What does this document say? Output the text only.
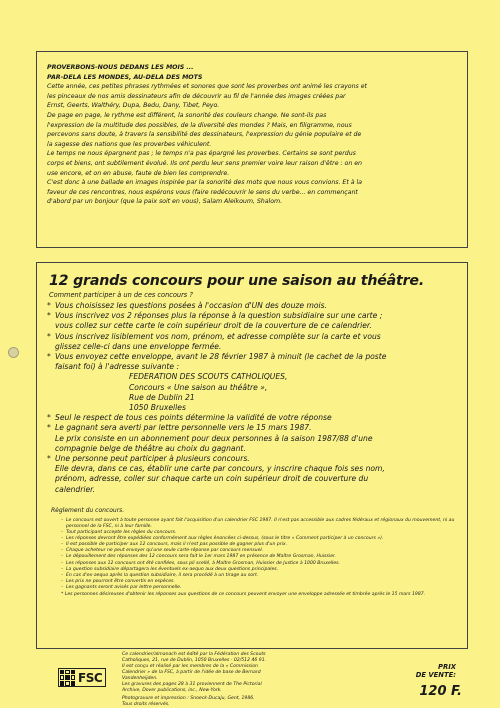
PROVERBONS-NOUS DEDANS LES MOIS ...

PAR-DELA LES MONDES, AU-DELA DES MOTS

Cette année, ces petites phrases rythmées et sonores que sont les proverbes ont animé les crayons et

les pinceaux de nos amis dessinateurs afin de découvrir au fil de l'année des images créées par

Ernst, Geerts, Walthéry, Dupa, Bedu, Dany, Tibet, Peyo.

De page en page, le rythme est différent, la sonorité des couleurs change. Ne sont-ils pas

l'expression de la multitude des possibles, de la diversité des mondes ? Mais, en filigramme, nous

percevons sans doute, à travers la sensibilité des dessinateurs, l'expression du génie populaire et de

la sagesse des nations que les proverbes véhiculent.

Le temps ne nous épargnent pas ; le temps n'a pas épargné les proverbes. Certains se sont perdus

corps et biens, ont subtilement évolué. Ils ont perdu leur sens premier voire leur raison d'être : on en

use encore, et on en abuse, faute de bien les comprendre.

C'est donc à une ballade en images inspirée par la sonorité des mots que nous vous convions. Et à la

faveur de ces rencontres, nous espérons vous (faire redécouvrir le sens du verbe... en commençant

d'abord par un bonjour (que la paix soit en vous), Salam Aleikoum, Shalom.

12 grands concours pour une saison au théâtre.
Comment participer à un de ces concours ?

* Vous choisissez les questions posées à l'occasion d'UN des douze mois.

* Vous inscrivez vos 2 réponses plus la réponse à la question subsidiaire sur une carte ;

vous collez sur cette carte le coin supérieur droit de la couverture de ce calendrier.

* Vous inscrivez lisiblement vos nom, prénom, et adresse complète sur la carte et vous

glissez celle-ci dans une enveloppe fermée.

* Vous envoyez cette enveloppe, avant le 28 février 1987 à minuit (le cachet de la poste

faisant foi) à l'adresse suivante :

FEDERATION DES SCOUTS CATHOLIQUES,

Concours « Une saison au théâtre »,

Rue de Dublin 21

1050 Bruxelles

* Seul le respect de tous ces points détermine la validité de votre réponse

* Le gagnant sera averti par lettre personnelle vers le 15 mars 1987.

Le prix consiste en un abonnement pour deux personnes à la saison 1987/88 d'une

compagnie belge de théâtre au choix du gagnant.

* Une personne peut participer à plusieurs concours.

Elle devra, dans ce cas, établir une carte par concours, y inscrire chaque fois ses nom,

prénom, adresse, coller sur chaque carte un coin supérieur droit de couverture du

calendrier.

Règlement du concours.

– Le concours est ouvert à toute personne ayant fait l'acquisition d'un calendrier FSC 1987. Il n'est pas accessible aux cadres fédéraux et régionaux du mouvement, ni au personnel de la FSC, ni à leur famille.

– Tout participant accepte les règles du concours.

– Les réponses devront être expédiées conformément aux règles énoncées ci-dessus, (sous le titre « Comment participer à un concours »).

– Il est possible de participer aux 12 concours, mais il n'est pas possible de gagner plus d'un prix.

– Chaque acheteur ne peut envoyer qu'une seule carte-réponse par concours mensuel.

– Le dépouillement des réponses des 12 concours sera fait le 1er mars 1987 en présence de Maître Grosman, Huissier.

– Les réponses aux 12 concours ont été confiées, sous pli scellé, à Maître Grosman, Huissier de Justice à 1000 Bruxelles.

– La question subsidiaire départagera les éventuels ex-aequo aux deux questions principales.

– En cas d'ex-aequo après la question subsidiaire, il sera procédé à un tirage au sort.

– Les prix ne pourront être convertis en espèces.

– Les gagnants seront avisés par lettre personnelle.

* Les personnes désireuses d'obtenir les réponses aux questions de ce concours peuvent envoyer une enveloppe adressée et timbrée après le 15 mars 1987.

FSC

Ce calendrier/almanach est édité par la Fédération des Scouts

Catholiques, 21, rue de Dublin, 1050 Bruxelles - 02/512 46 91.

Il est conçu et réalisé par les membres de la « Commission

Calendrier » de la FSC, à partir de l'idée de base de Bernard

Vandenheijden.

Les gravures des pages 28 à 31 proviennent de The Pictorial

Archive, Dover publications, inc., New-York.

Photogravure et impression : Snoeck-Ducaju, Gent, 1986.

Tous droits réservés.

PRIX
DE VENTE:
120 F.
